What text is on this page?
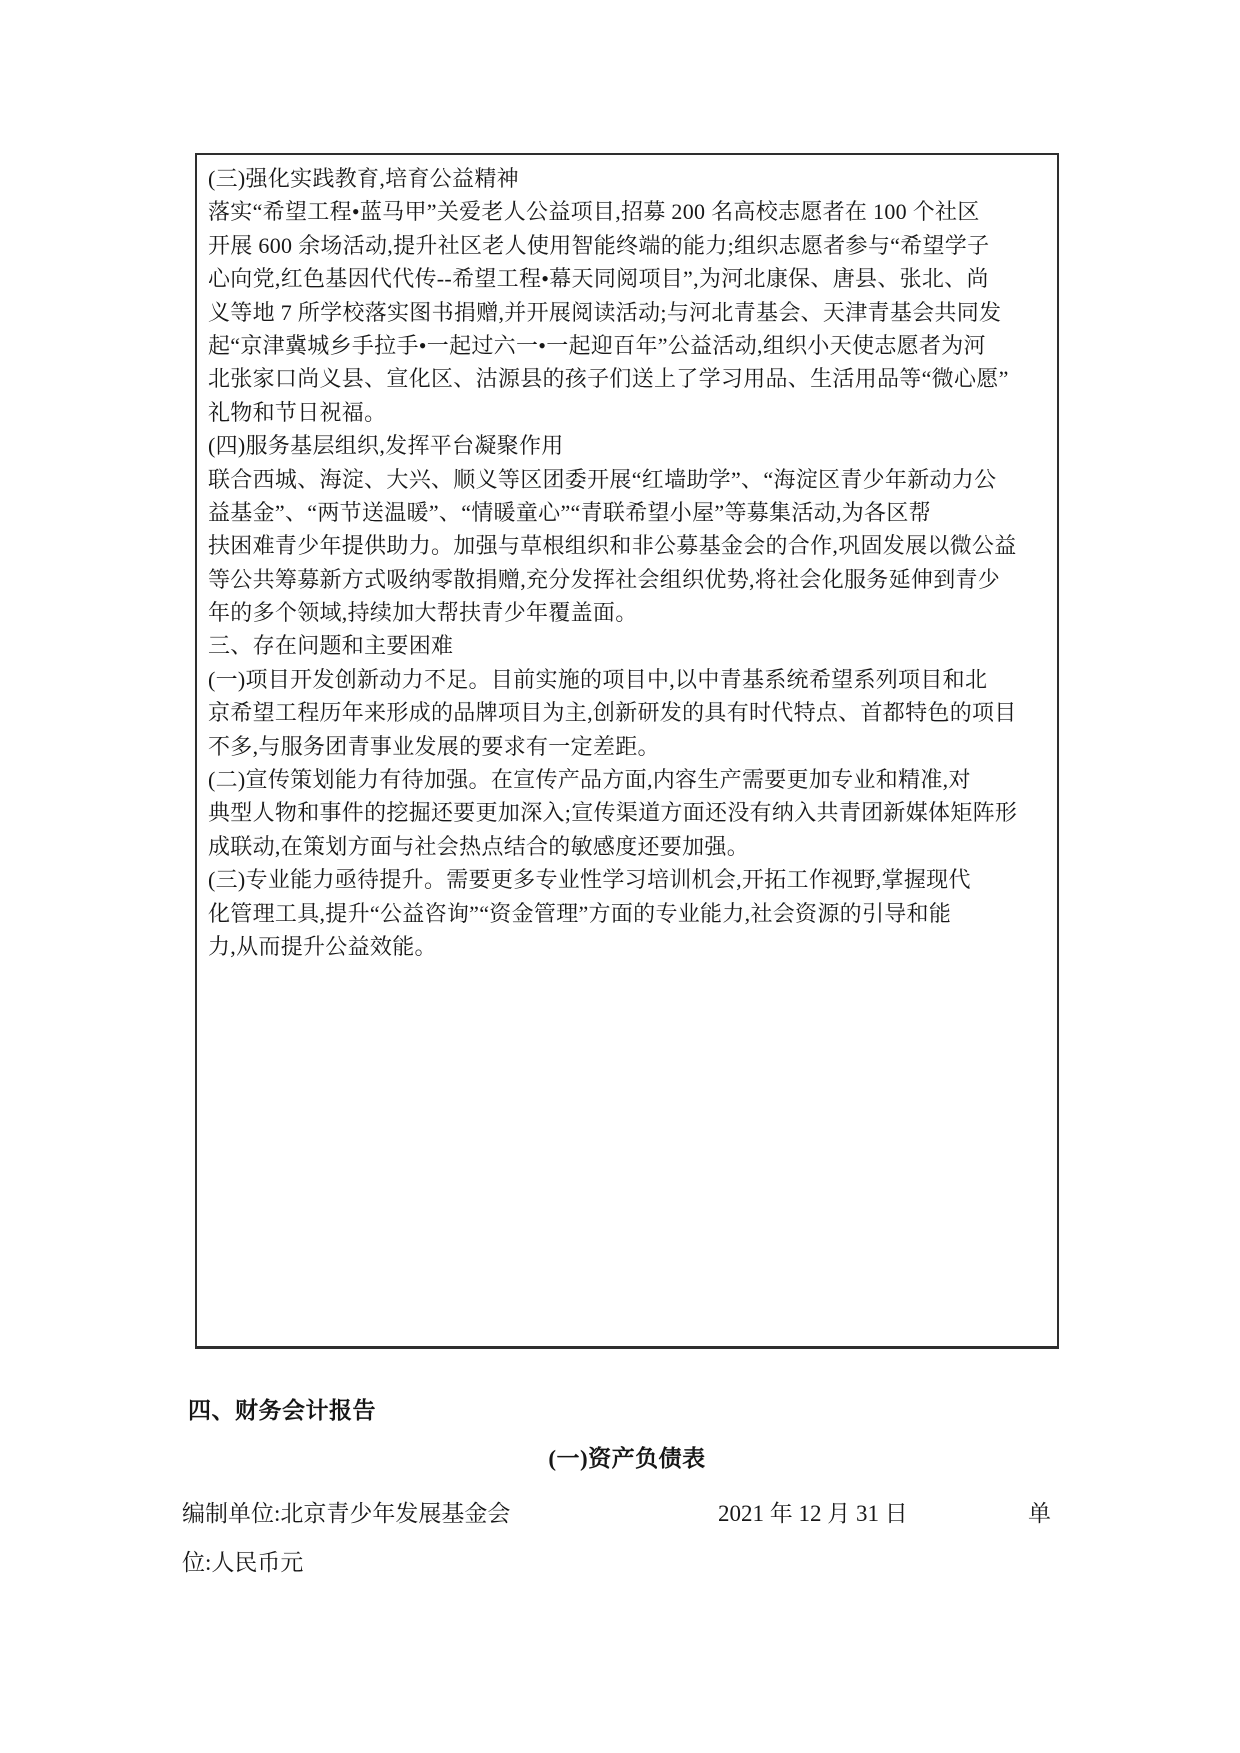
(三)强化实践教育,培育公益精神
落实“希望工程•蓝马甲”关爱老人公益项目,招募 200 名高校志愿者在 100 个社区
开展 600 余场活动,提升社区老人使用智能终端的能力;组织志愿者参与“希望学子
心向党,红色基因代代传--希望工程•幕天同阅项目”,为河北康保、唐县、张北、尚
义等地 7 所学校落实图书捐赠,并开展阅读活动;与河北青基会、天津青基会共同发
起“京津冀城乡手拉手•一起过六一•一起迎百年”公益活动,组织小天使志愿者为河
北张家口尚义县、宣化区、沽源县的孩子们送上了学习用品、生活用品等“微心愿”
礼物和节日祝福。
(四)服务基层组织,发挥平台凝聚作用
联合西城、海淀、大兴、顺义等区团委开展“红墙助学”、“海淀区青少年新动力公
益基金”、“两节送温暖”、“情暖童心”“青联希望小屋”等募集活动,为各区帮
扶困难青少年提供助力。加强与草根组织和非公募基金会的合作,巩固发展以微公益
等公共筹募新方式吸纳零散捐赠,充分发挥社会组织优势,将社会化服务延伸到青少
年的多个领域,持续加大帮扶青少年覆盖面。
三、存在问题和主要困难
(一)项目开发创新动力不足。目前实施的项目中,以中青基系统希望系列项目和北
京希望工程历年来形成的品牌项目为主,创新研发的具有时代特点、首都特色的项目
不多,与服务团青事业发展的要求有一定差距。
(二)宣传策划能力有待加强。在宣传产品方面,内容生产需要更加专业和精准,对
典型人物和事件的挖掘还要更加深入;宣传渠道方面还没有纳入共青团新媒体矩阵形
成联动,在策划方面与社会热点结合的敏感度还要加强。
(三)专业能力亟待提升。需要更多专业性学习培训机会,开拓工作视野,掌握现代
化管理工具,提升“公益咨询”“资金管理”方面的专业能力,社会资源的引导和能
力,从而提升公益效能。
四、财务会计报告
(一)资产负债表
编制单位:北京青少年发展基金会	2021 年 12 月 31 日	单
位:人民币元
